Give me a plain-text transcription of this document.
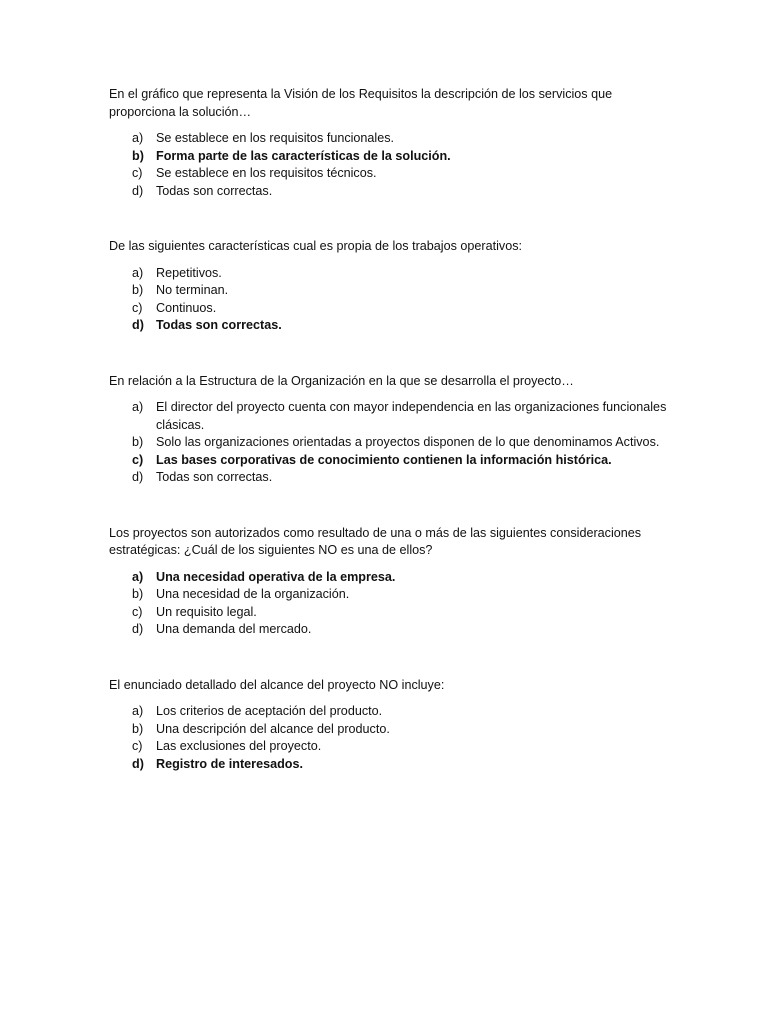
En el gráfico que representa la Visión de los Requisitos la descripción de los servicios que proporciona la solución…

a)	Se establece en los requisitos funcionales.
b) Forma parte de las características de la solución.
c)	Se establece en los requisitos técnicos.
d)	Todas son correctas.

De las siguientes características cual es propia de los trabajos operativos:

a)	Repetitivos.
b)	No terminan.
c)	Continuos.
d) Todas son correctas.

En relación a la Estructura de la Organización en la que se desarrolla el proyecto…

a)	El director del proyecto cuenta con mayor independencia en las organizaciones funcionales clásicas.
b)	Solo las organizaciones orientadas a proyectos disponen de lo que denominamos Activos.
c)	Las bases corporativas de conocimiento contienen la información histórica.
d)	Todas son correctas.

Los proyectos son autorizados como resultado de una o más de las siguientes consideraciones estratégicas: ¿Cuál de los siguientes NO es una de ellos?

a)	Una necesidad operativa de la empresa.
b)	Una necesidad de la organización.
c)	Un requisito legal.
d)	Una demanda del mercado.

El enunciado detallado del alcance del proyecto NO incluye:

a)	Los criterios de aceptación del producto.
b)	Una descripción del alcance del producto.
c)	Las exclusiones del proyecto.
d) Registro de interesados.
